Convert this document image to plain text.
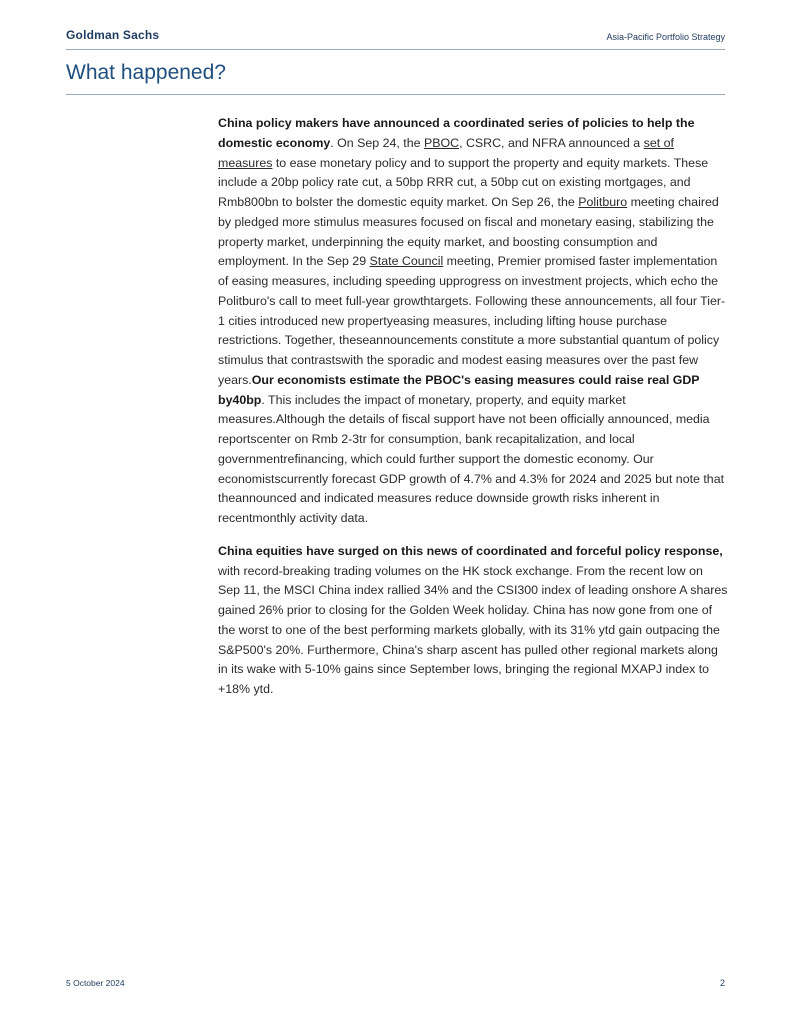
Goldman Sachs	Asia-Pacific Portfolio Strategy
What happened?

China policy makers have announced a coordinated series of policies to help the domestic economy. On Sep 24, the PBOC, CSRC, and NFRA announced a set of measures to ease monetary policy and to support the property and equity markets. These include a 20bp policy rate cut, a 50bp RRR cut, a 50bp cut on existing mortgages, and Rmb800bn to bolster the domestic equity market. On Sep 26, the Politburo meeting chaired by pledged more stimulus measures focused on fiscal and monetary easing, stabilizing the property market, underpinning the equity market, and boosting consumption and employment. In the Sep 29 State Council meeting, Premier promised faster implementation of easing measures, including speeding upprogress on investment projects, which echo the Politburo's call to meet full-year growthtargets. Following these announcements, all four Tier-1 cities introduced new propertyeasing measures, including lifting house purchase restrictions. Together, theseannouncements constitute a more substantial quantum of policy stimulus that contrastswith the sporadic and modest easing measures over the past few years.Our economists estimate the PBOC's easing measures could raise real GDP by40bp. This includes the impact of monetary, property, and equity market measures.Although the details of fiscal support have not been officially announced, media reportscenter on Rmb 2-3tr for consumption, bank recapitalization, and local governmentrefinancing, which could further support the domestic economy. Our economistscurrently forecast GDP growth of 4.7% and 4.3% for 2024 and 2025 but note that theannounced and indicated measures reduce downside growth risks inherent in recentmonthly activity data.

China equities have surged on this news of coordinated and forceful policy response, with record-breaking trading volumes on the HK stock exchange. From the recent low on Sep 11, the MSCI China index rallied 34% and the CSI300 index of leading onshore A shares gained 26% prior to closing for the Golden Week holiday. China has now gone from one of the worst to one of the best performing markets globally, with its 31% ytd gain outpacing the S&P500's 20%. Furthermore, China's sharp ascent has pulled other regional markets along in its wake with 5-10% gains since September lows, bringing the regional MXAPJ index to +18% ytd.

5 October 2024	2
